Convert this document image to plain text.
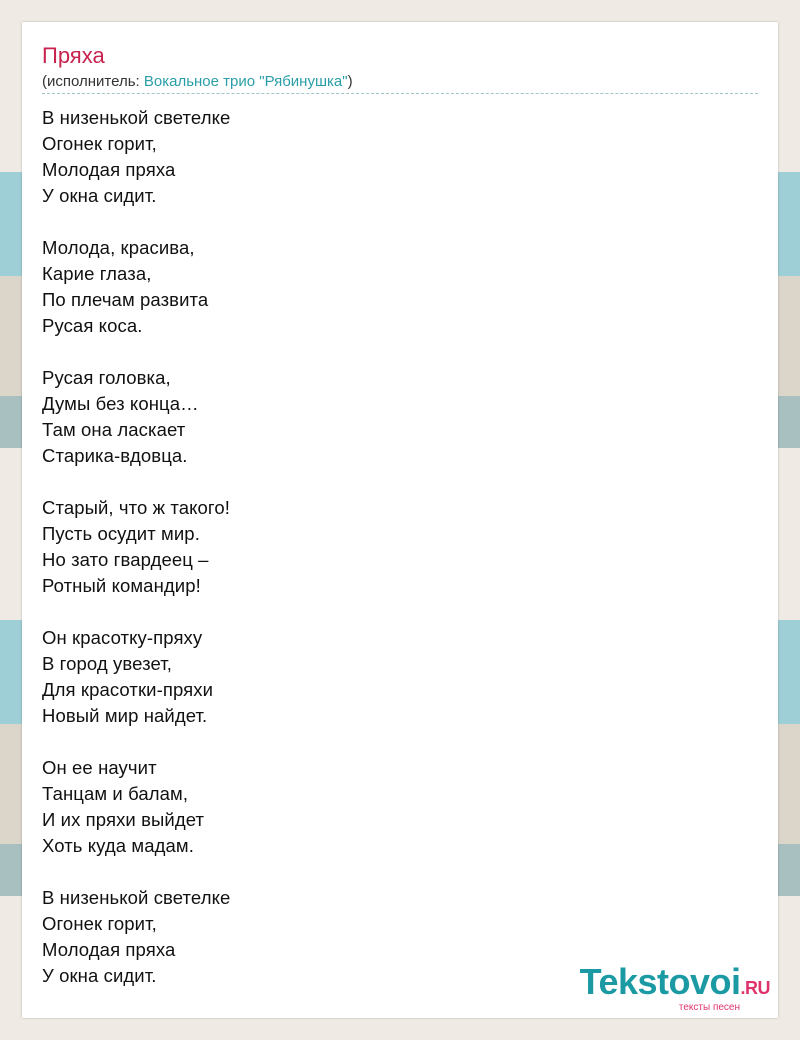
Пряха
(исполнитель: Вокальное трио "Рябинушка")
В низенькой светелке
Огонек горит,
Молодая пряха
У окна сидит.
Молода, красива,
Карие глаза,
По плечам развита
Русая коса.
Русая головка,
Думы без конца…
Там она ласкает
Старика-вдовца.
Старый, что ж такого!
Пусть осудит мир.
Но зато гвардеец –
Ротный командир!
Он красотку-пряху
В город увезет,
Для красотки-пряхи
Новый мир найдет.
Он ее научит
Танцам и балам,
И их пряхи выйдет
Хоть куда мадам.
В низенькой светелке
Огонек горит,
Молодая пряха
У окна сидит.	Tekstovoi.RU
тексты песен
